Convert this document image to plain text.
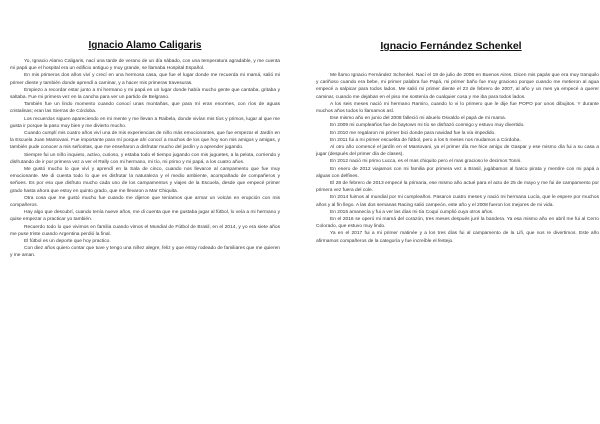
Ignacio Alamo Caligaris

Yo, Ignacio Alamo Caligaris, nací una tarde de verano de un día sábado, con una temperatura agradable, y me cuenta mi papá que el hospital era un edificio antiguo y muy grande, se llamaba Hospital Español.

En mis primeros dos años viví y crecí en una hermosa casa, que fue el lugar donde me recuerda mi mamá, salió mi primer diente y también donde aprendí a caminar, y a hacer mis primeras travesuras.

Empiezo a recordar estar junto a mi hermano y mi papá en un lugar donde había mucho gente que cantaba, gritaba y saltaba. Fue mi primera vez en la cancha para ver un partido de Belgrano.

También fue un lindo momento cuando conocí unas montañas, que para mí eran enormes, con ríos de aguas cristalinas; eran las Sierras de Córdoba.

Los recuerdos siguen apareciendo en mi mente y me llevan a Raibela, donde vivían mis tíos y primos, lugar al que me gusta ir porque la paso muy bien y me divierto mucho.

Cuando cumplí mis cuatro años viví una de mis experiencias de niño más emocionantes, que fue empezar el Jardín en la Escuela Juan Mantovani. Fue importante para mí porque ahí conocí a muchos de los que hoy son mis amigos y amigas, y también pude conocer a mis señoritas, que me enseñaron a disfrutar mucho del jardín y a aprender jugando.

Siempre fui un niño inquieto, activo, curioso, y estaba todo el tiempo jugando con mis juguetes, a la pelota, corriendo y disfrutando de ir por primera vez a ver el Rally con mi hermano, mi tío, mi primo y mi papá, a los cuatro años.

Me gustó mucho lo que viví y aprendí en la Sala de cinco, cuando nos llevaron al campamento que fue muy emocionante. Me di cuenta todo lo que es disfrutar la naturaleza y el medio ambiente, acompañado de compañeros y señoes. Es por eso que disfruto mucho cada uno de los campamentos y viajes de la Escuela, desde que empecé primer grado hasta ahora que estoy en quinto grado, que me llevaron a Mar Chiquita.

Otra cosa que me gustó mucho fue cuando me dijeron que teníamos que armar un volcán en erupción con mis compañeros.

Hay algo que descubrí, cuando tenía nueve años, me di cuenta que me gustaba jugar al fútbol, lo veía a mi hermano y quise empezar a practicar yo también.

Recuerdo todo lo que vivimos en familia cuando vimos el Mundial de Fútbol de Brasil, en el 2014, y yo era siete años me puse triste cuando Argentina perdió la final.

El fútbol es un deporte que hoy practico.

Con diez años quiero contar que tuve y tengo una niñez alegre, feliz y que estoy rodeado de familiares que me quieren y me aman.

Ignacio Fernández Schenkel

Me llamo Ignacio Fernández Schenkel. Nací el 19 de julio de 2006 en Buenos Aires. Dicen mis papás que era muy tranquilo y cariñoso cuando era bebe, mi primer palabra fue Papá, mi primer baño fue muy gracioso porque cuando me metieron al agua empecé a salpicar para todos lados. Me salió mi primer diente el 23 de febrero de 2007, al año y un mes ya empecé a querer caminar, cuando me dejaban en el piso me sostenía de cualquier cosa y me iba para todos lados.

A los seis meses nació mi hermano Ramiro, cuando lo vi lo primero que le dije fue POPO por unos dibujitos. Y durante muchos años todos lo llamamos así.

Ese mismo año en junio del 2008 falleció mi abuelo Osvaldo el papá de mi mama.

En 2009 mi cumpleaños fue de baytown mi tío se disfrazó conmigo y estuvo muy divertido.

En 2010 me regalaron mi primer bici donde para navidad fue la vía impedido.

En 2011 fui a mi primer escuelita de fútbol, pero a los 5 meses nos mudamos a Córdoba.

Al otro año comencé el jardín en el Mantovani, ya el primer día me hice amigo de Gaspar y ese mismo día fui a su casa a jugar (después del primer día de clases).

En 2012 nació mi primo Lucca, es el mas chiquito pero el mas gracioso le decimos Tonni.

En enero de 2012 viajamos con mi familia por primera vez a Brasil, jugábamos al barco pirata y mentíre con mi papá a alguas con delfines.

El 28 de febrero de 2013 empecé la primaria, ese mismo año actué para el acto de 25 de mayo y me fui de campamento por primera vez fuera del cole.

En 2014 fuimos al mundial por mi cumpleaños. Pasaron cuatro meses y nació mi hermana Lucía, que le espere por muchos años y al fin llego. A las dos semanas Racing salió campeón, este año y el 2008 fueron los mejores de mi vida.

En 2015 amanecía y fui a ver las días mi tía Coquí cumplió cuya otros años.

En el 2016 se operó mi mamá del corazón, tres meses después juré la bandera. Ya esa mismo año en abril me fui al Cerro Colorado, que estuvo muy lindo.

Ya en el 2017 fui a mi primer matinée y a los tres días fui al campamento de la Lifi, que nos re divertimos. Este año afirmamos compañeros de la categoría y fue increíble el festejo.
